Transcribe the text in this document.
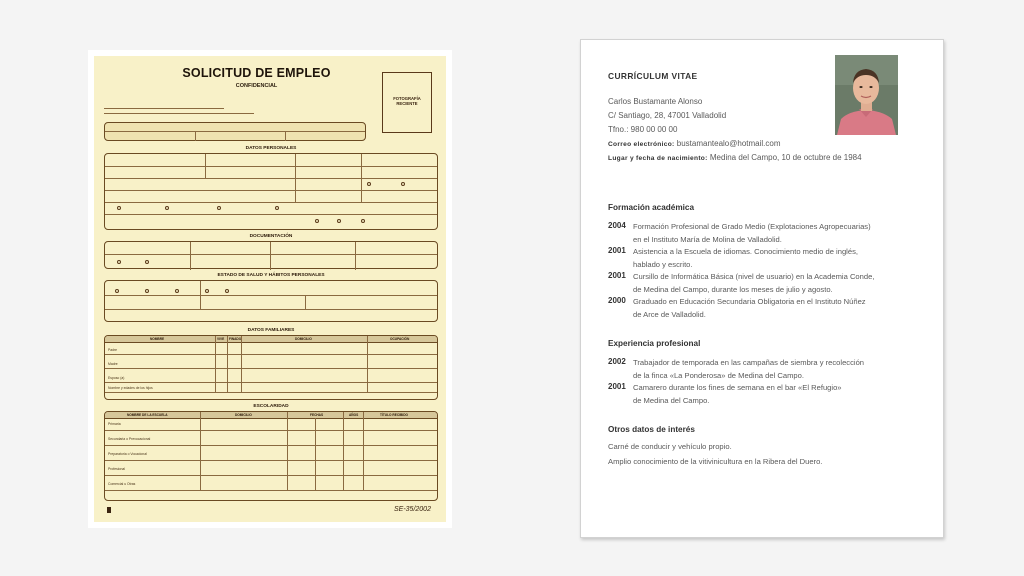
SOLICITUD DE EMPLEO
CONFIDENCIAL
FOTOGRAFÍA RECIENTE
DATOS PERSONALES
DOCUMENTACIÓN
ESTADO DE SALUD Y HÁBITOS PERSONALES
DATOS FAMILIARES
NOMBRE	VIVE FINADO	DOMICILIO	OCUPACIÓN
Padre
Madre
Esposo (a)
Nombre y edades de los hijos
ESCOLARIDAD
NOMBRE DE LA ESCUELA	DOMICILIO	FECHAS	AÑOS	TÍTULO RECIBIDO
Primaria
Secundaria o Prevocacional
Preparatoria o Vocacional
Profesional
Comercial u Otras
SE-35/2002
CURRÍCULUM VITAE
Carlos Bustamante Alonso
C/ Santiago, 28, 47001 Valladolid
Tfno.: 980 00 00 00
Correo electrónico: bustamantealo@hotmail.com
Lugar y fecha de nacimiento: Medina del Campo, 10 de octubre de 1984
Formación académica
2004 Formación Profesional de Grado Medio (Explotaciones Agropecuarias)
en el Instituto María de Molina de Valladolid.
2001 Asistencia a la Escuela de idiomas. Conocimiento medio de inglés,
hablado y escrito.
2001 Cursillo de Informática Básica (nivel de usuario) en la Academia Conde,
de Medina del Campo, durante los meses de julio y agosto.
2000 Graduado en Educación Secundaria Obligatoria en el Instituto Núñez
de Arce de Valladolid.
Experiencia profesional
2002 Trabajador de temporada en las campañas de siembra y recolección
de la finca «La Ponderosa» de Medina del Campo.
2001 Camarero durante los fines de semana en el bar «El Refugio»
de Medina del Campo.
Otros datos de interés
Carné de conducir y vehículo propio.
Amplio conocimiento de la vitivinicultura en la Ribera del Duero.
